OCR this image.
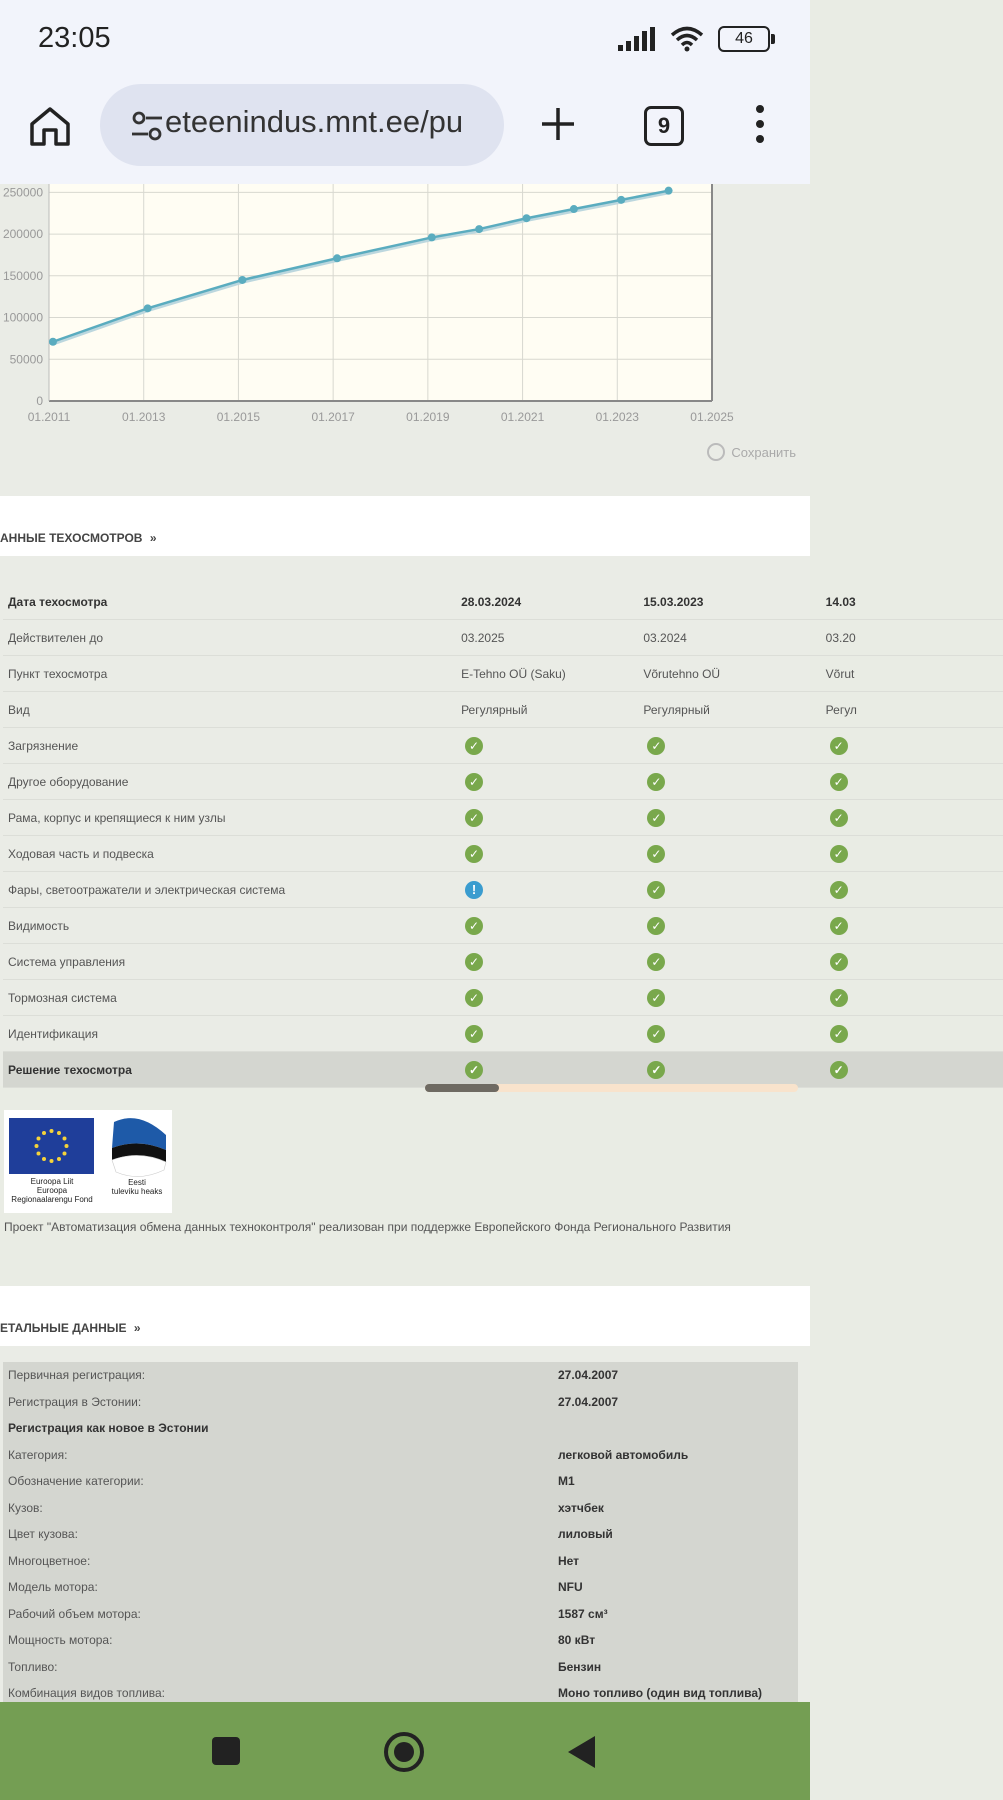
23:05	46
eteenindus.mnt.ee/pu	9
0
50000
100000
150000
200000
250000
01.2011	01.2013	01.2015	01.2017	01.2019	01.2021	01.2023	01.2025
Сохранить
АННЫЕ ТЕХОСМОТРОВ »
Дата техосмотра	28.03.2024	15.03.2023	14.03
Действителен до	03.2025	03.2024	03.20
Пункт техосмотра	E-Tehno OÜ (Saku)	Võrutehno OÜ	Võrut
Вид	Регулярный	Регулярный	Регул
Загрязнение	✓	✓	✓
Другое оборудование	✓	✓	✓
Рама, корпус и крепящиеся к ним узлы	✓	✓	✓
Ходовая часть и подвеска	✓	✓	✓
Фары, светоотражатели и электрическая система	!	✓	✓
Видимость	✓	✓	✓
Система управления	✓	✓	✓
Тормозная система	✓	✓	✓
Идентификация	✓	✓	✓
Решение техосмотра	✓	✓	✓
Euroopa Liit
Euroopa
Regionaalarengu Fond
Eesti
tuleviku heaks
Проект "Автоматизация обмена данных техноконтроля" реализован при поддержке Европейского Фонда Регионального Развития
ЕТАЛЬНЫЕ ДАННЫЕ »
Первичная регистрация:	27.04.2007
Регистрация в Эстонии:	27.04.2007
Регистрация как новое в Эстонии
Категория:	легковой автомобиль
Обозначение категории:	M1
Кузов:	хэтчбек
Цвет кузова:	лиловый
Многоцветное:	Нет
Модель мотора:	NFU
Рабочий объем мотора:	1587 см³
Мощность мотора:	80 кВт
Топливо:	Бензин
Комбинация видов топлива:	Моно топливо (один вид топлива)
